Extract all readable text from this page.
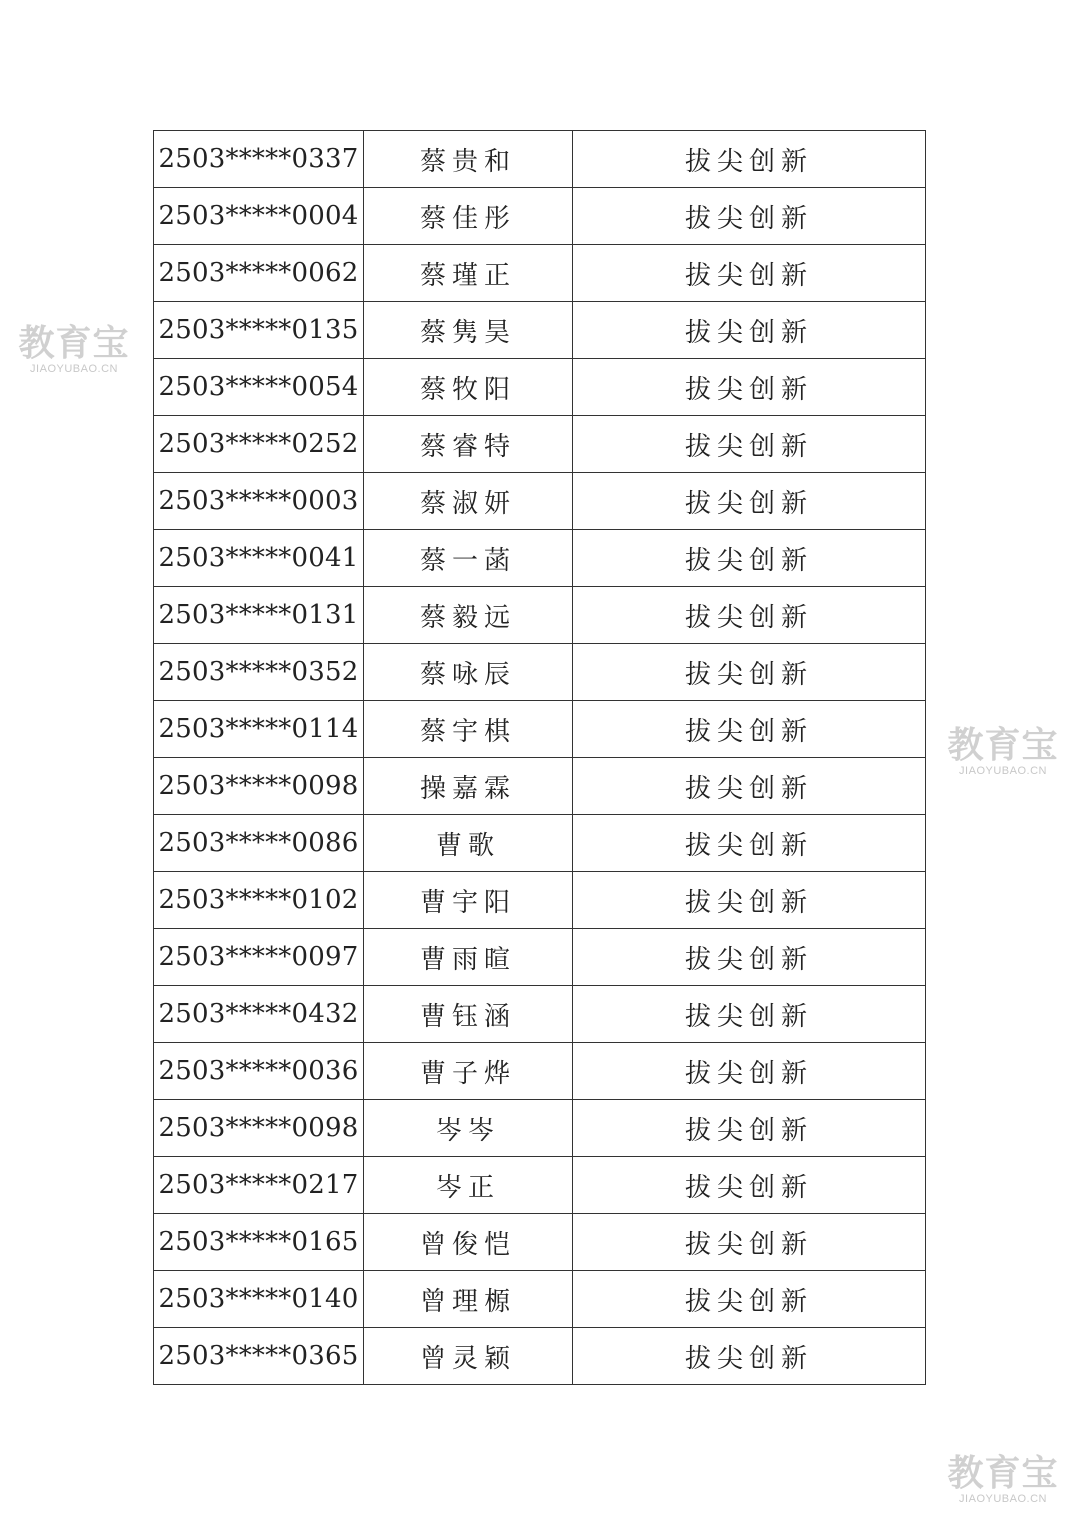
2503*****0337	蔡贵和	拔尖创新
2503*****0004	蔡佳彤	拔尖创新
2503*****0062	蔡瑾正	拔尖创新
2503*****0135	蔡隽昊	拔尖创新
2503*****0054	蔡牧阳	拔尖创新
2503*****0252	蔡睿特	拔尖创新
2503*****0003	蔡淑妍	拔尖创新
2503*****0041	蔡一菡	拔尖创新
2503*****0131	蔡毅远	拔尖创新
2503*****0352	蔡咏辰	拔尖创新
2503*****0114	蔡宇棋	拔尖创新
2503*****0098	操嘉霖	拔尖创新
2503*****0086	曹歌	拔尖创新
2503*****0102	曹宇阳	拔尖创新
2503*****0097	曹雨暄	拔尖创新
2503*****0432	曹钰涵	拔尖创新
2503*****0036	曹子烨	拔尖创新
2503*****0098	岑岑	拔尖创新
2503*****0217	岑正	拔尖创新
2503*****0165	曾俊恺	拔尖创新
2503*****0140	曾理榞	拔尖创新
2503*****0365	曾灵颖	拔尖创新
教育宝
JIAOYUBAO.CN
教育宝
JIAOYUBAO.CN
教育宝
JIAOYUBAO.CN
